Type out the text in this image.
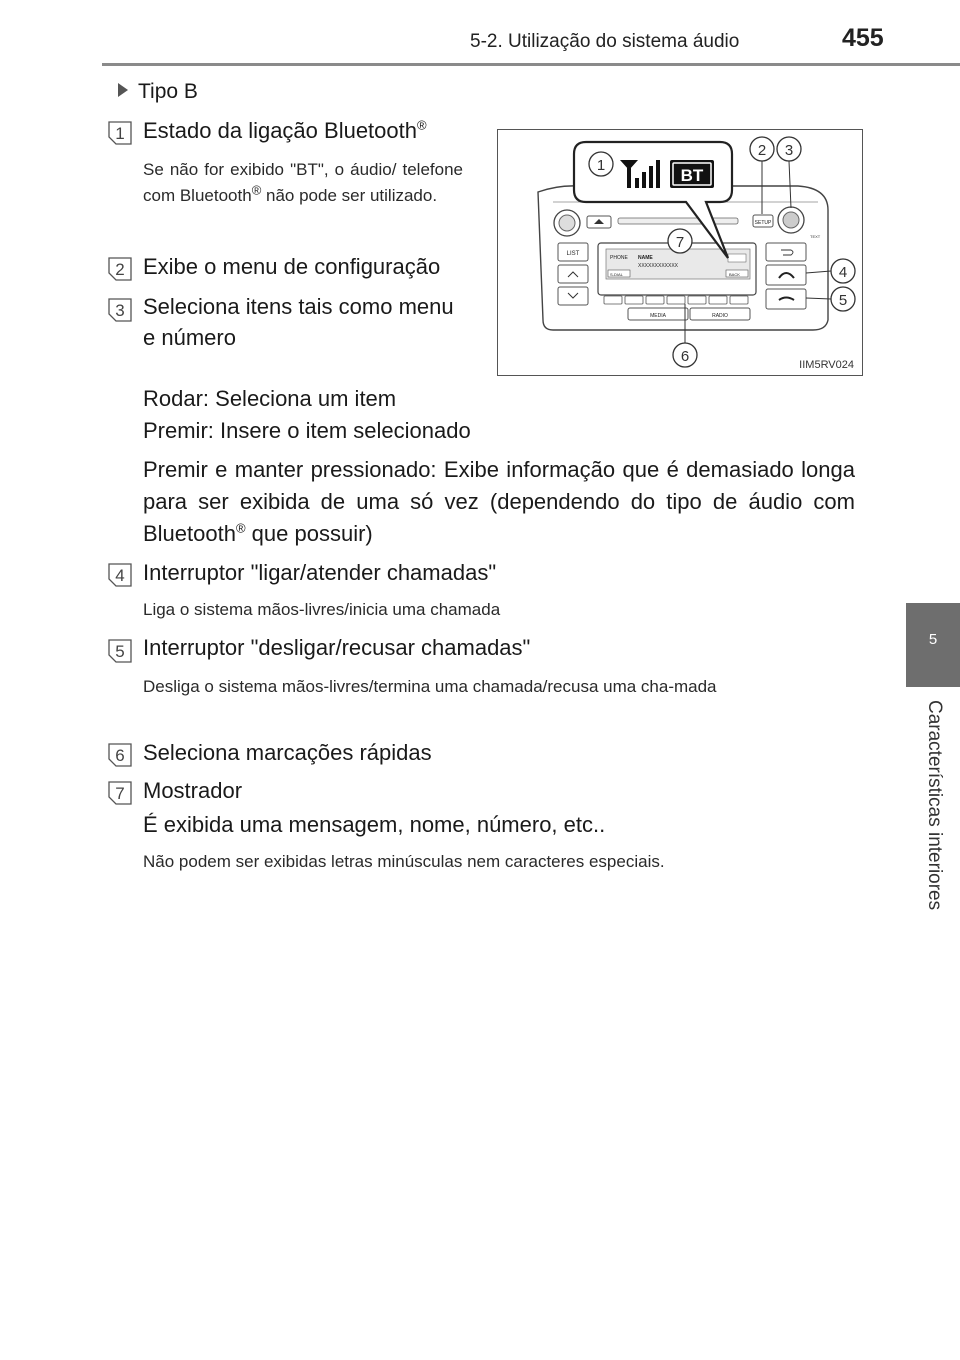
5-2. Utilização do sistema áudio	455
5
Características interiores
Tipo B
1 Estado da ligação Bluetooth®
Se não for exibido "BT", o áudio/ telefone com Bluetooth® não pode ser utilizado.
2 Exibe o menu de configuração
3 Seleciona itens tais como menu
e número
Rodar: Seleciona um item
Premir: Insere o item selecionado
Premir e manter pressionado: Exibe informação que é demasiado longa para ser exibida de uma só vez (dependendo do tipo de áudio com Bluetooth® que possuir)
4 Interruptor "ligar/atender chamadas"
Liga o sistema mãos-livres/inicia uma chamada
5 Interruptor "desligar/recusar chamadas"
Desliga o sistema mãos-livres/termina uma chamada/recusa uma cha-mada
6 Seleciona marcações rápidas
7 Mostrador
É exibida uma mensagem, nome, número, etc..
Não podem ser exibidas letras minúsculas nem caracteres especiais.
SETUP
TEXT
LIST
PHONE NAME
XXXXXXXXXXXX
S-DIAL	BACK
MEDIA	RADIO
1
BT
2 3
4
5
6
7
IIM5RV024
